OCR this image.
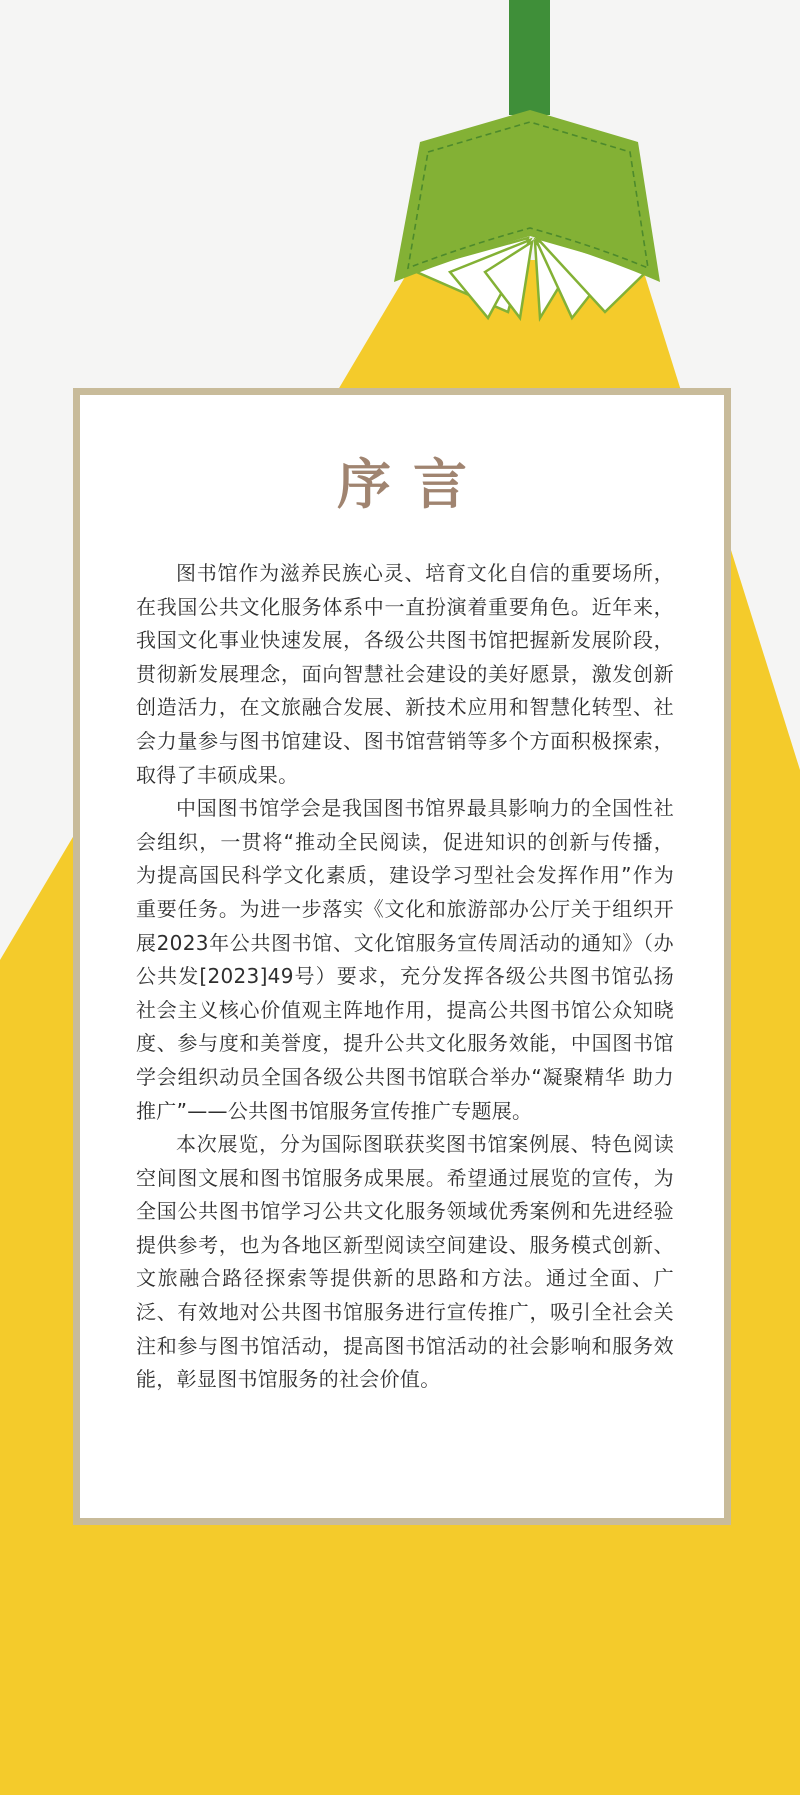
序言

图书馆作为滋养民族心灵、培育文化自信的重要场所，在我国公共文化服务体系中一直扮演着重要角色。近年来，我国文化事业快速发展，各级公共图书馆把握新发展阶段，贯彻新发展理念，面向智慧社会建设的美好愿景，激发创新创造活力，在文旅融合发展、新技术应用和智慧化转型、社会力量参与图书馆建设、图书馆营销等多个方面积极探索，取得了丰硕成果。

中国图书馆学会是我国图书馆界最具影响力的全国性社会组织，一贯将“推动全民阅读，促进知识的创新与传播，为提高国民科学文化素质，建设学习型社会发挥作用”作为重要任务。为进一步落实《文化和旅游部办公厅关于组织开展2023年公共图书馆、文化馆服务宣传周活动的通知》（办公共发[2023]49号）要求，充分发挥各级公共图书馆弘扬社会主义核心价值观主阵地作用，提高公共图书馆公众知晓度、参与度和美誉度，提升公共文化服务效能，中国图书馆学会组织动员全国各级公共图书馆联合举办“凝聚精华 助力推广”——公共图书馆服务宣传推广专题展。

本次展览，分为国际图联获奖图书馆案例展、特色阅读空间图文展和图书馆服务成果展。希望通过展览的宣传，为全国公共图书馆学习公共文化服务领域优秀案例和先进经验提供参考，也为各地区新型阅读空间建设、服务模式创新、文旅融合路径探索等提供新的思路和方法。通过全面、广泛、有效地对公共图书馆服务进行宣传推广，吸引全社会关注和参与图书馆活动，提高图书馆活动的社会影响和服务效能，彰显图书馆服务的社会价值。
